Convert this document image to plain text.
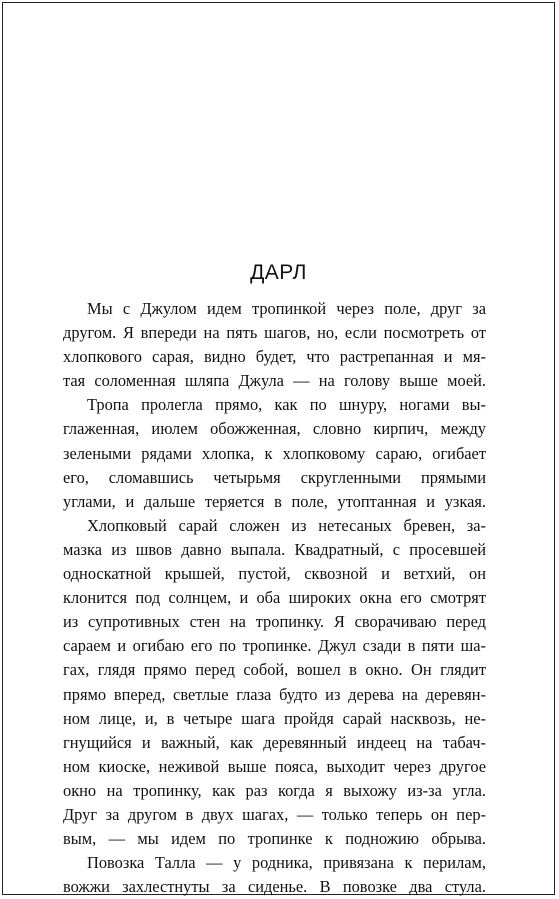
ДАРЛ
Мы с Джулом идем тропинкой через поле, друг за
другом. Я впереди на пять шагов, но, если посмотреть от
хлопкового сарая, видно будет, что растрепанная и мя-
тая соломенная шляпа Джула — на голову выше моей.
Тропа пролегла прямо, как по шнуру, ногами вы-
глаженная, июлем обожженная, словно кирпич, между
зелеными рядами хлопка, к хлопковому сараю, огибает
его, сломавшись четырьмя скругленными прямыми
углами, и дальше теряется в поле, утоптанная и узкая.
Хлопковый сарай сложен из нетесаных бревен, за-
мазка из швов давно выпала. Квадратный, с просевшей
односкатной крышей, пустой, сквозной и ветхий, он
клонится под солнцем, и оба широких окна его смотрят
из супротивных стен на тропинку. Я сворачиваю перед
сараем и огибаю его по тропинке. Джул сзади в пяти ша-
гах, глядя прямо перед собой, вошел в окно. Он глядит
прямо вперед, светлые глаза будто из дерева на деревян-
ном лице, и, в четыре шага пройдя сарай насквозь, не-
гнущийся и важный, как деревянный индеец на табач-
ном киоске, неживой выше пояса, выходит через другое
окно на тропинку, как раз когда я выхожу из-за угла.
Друг за другом в двух шагах, — только теперь он пер-
вым, — мы идем по тропинке к подножию обрыва.
Повозка Талла — у родника, привязана к перилам,
вожжи захлестнуты за сиденье. В повозке два стула.
